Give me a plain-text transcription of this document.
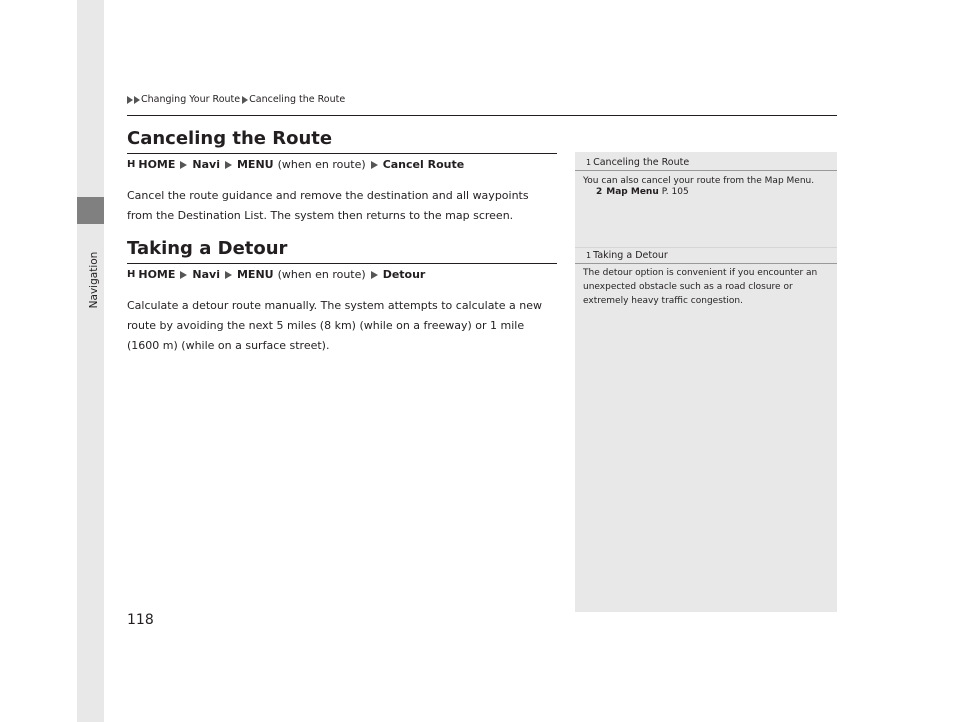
Navigation
Changing Your Route Canceling the Route
Canceling the Route
H HOME Navi MENU (when en route) Cancel Route

Cancel the route guidance and remove the destination and all waypoints from the Destination List. The system then returns to the map screen.

Taking a Detour
H HOME Navi MENU (when en route) Detour

Calculate a detour route manually. The system attempts to calculate a new route by avoiding the next 5 miles (8 km) (while on a freeway) or 1 mile (1600 m) (while on a surface street).

1 Canceling the Route

You can also cancel your route from the Map Menu.

2 Map Menu P. 105
1 Taking a Detour

The detour option is convenient if you encounter an unexpected obstacle such as a road closure or extremely heavy traffic congestion.

118
